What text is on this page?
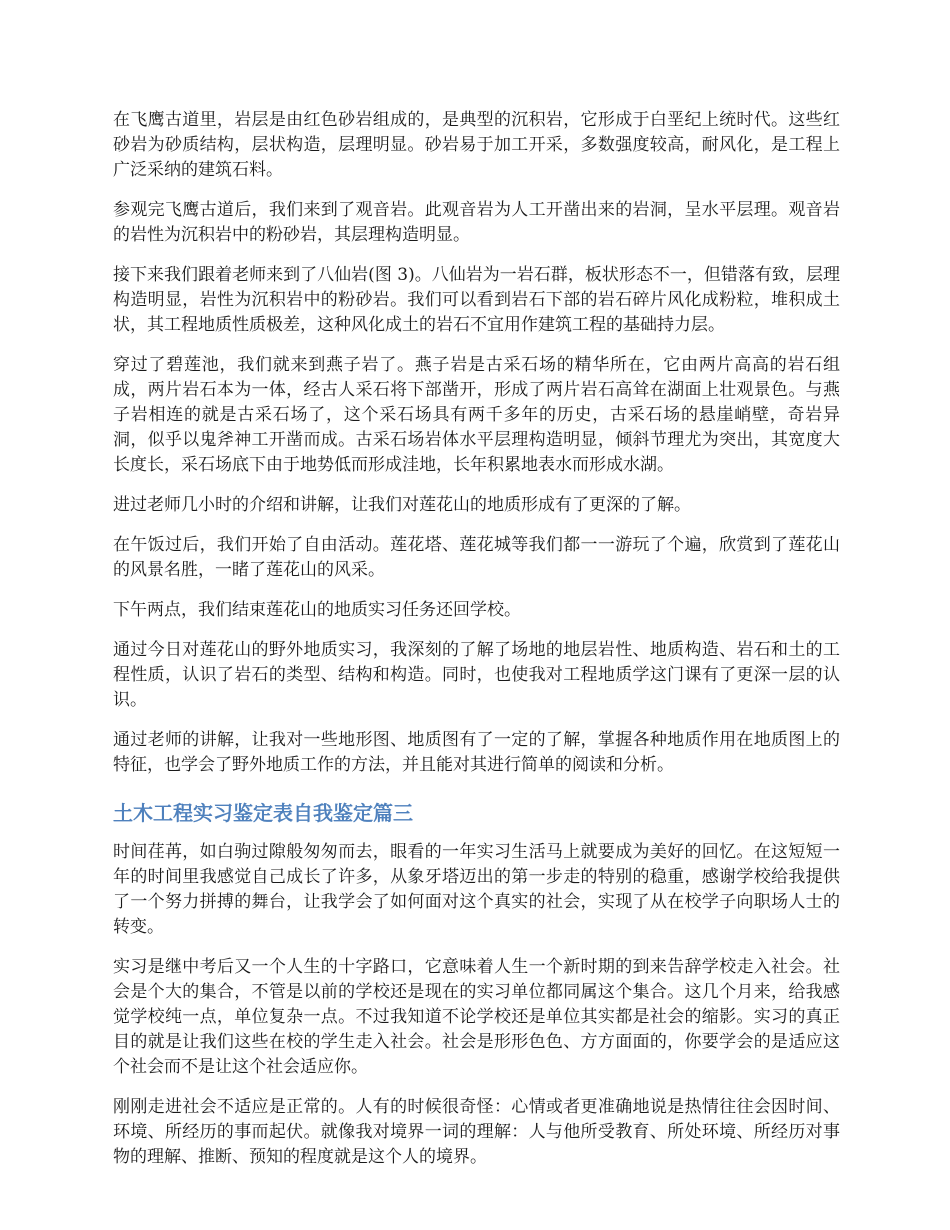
在飞鹰古道里，岩层是由红色砂岩组成的，是典型的沉积岩，它形成于白垩纪上统时代。这些红砂岩为砂质结构，层状构造，层理明显。砂岩易于加工开采，多数强度较高，耐风化，是工程上广泛采纳的建筑石料。

参观完飞鹰古道后，我们来到了观音岩。此观音岩为人工开凿出来的岩洞，呈水平层理。观音岩的岩性为沉积岩中的粉砂岩，其层理构造明显。

接下来我们跟着老师来到了八仙岩(图 3)。八仙岩为一岩石群，板状形态不一，但错落有致，层理构造明显，岩性为沉积岩中的粉砂岩。我们可以看到岩石下部的岩石碎片风化成粉粒，堆积成土状，其工程地质性质极差，这种风化成土的岩石不宜用作建筑工程的基础持力层。

穿过了碧莲池，我们就来到燕子岩了。燕子岩是古采石场的精华所在，它由两片高高的岩石组成，两片岩石本为一体，经古人采石将下部凿开，形成了两片岩石高耸在湖面上壮观景色。与燕子岩相连的就是古采石场了，这个采石场具有两千多年的历史，古采石场的悬崖峭壁，奇岩异洞，似乎以鬼斧神工开凿而成。古采石场岩体水平层理构造明显，倾斜节理尤为突出，其宽度大长度长，采石场底下由于地势低而形成洼地，长年积累地表水而形成水湖。

进过老师几小时的介绍和讲解，让我们对莲花山的地质形成有了更深的了解。

在午饭过后，我们开始了自由活动。莲花塔、莲花城等我们都一一游玩了个遍，欣赏到了莲花山的风景名胜，一睹了莲花山的风采。

下午两点，我们结束莲花山的地质实习任务还回学校。

通过今日对莲花山的野外地质实习，我深刻的了解了场地的地层岩性、地质构造、岩石和土的工程性质，认识了岩石的类型、结构和构造。同时，也使我对工程地质学这门课有了更深一层的认识。

通过老师的讲解，让我对一些地形图、地质图有了一定的了解，掌握各种地质作用在地质图上的特征，也学会了野外地质工作的方法，并且能对其进行简单的阅读和分析。

土木工程实习鉴定表自我鉴定篇三

时间荏苒，如白驹过隙般匆匆而去，眼看的一年实习生活马上就要成为美好的回忆。在这短短一年的时间里我感觉自己成长了许多，从象牙塔迈出的第一步走的特别的稳重，感谢学校给我提供了一个努力拼搏的舞台，让我学会了如何面对这个真实的社会，实现了从在校学子向职场人士的转变。

实习是继中考后又一个人生的十字路口，它意味着人生一个新时期的到来告辞学校走入社会。社会是个大的集合，不管是以前的学校还是现在的实习单位都同属这个集合。这几个月来，给我感觉学校纯一点，单位复杂一点。不过我知道不论学校还是单位其实都是社会的缩影。实习的真正目的就是让我们这些在校的学生走入社会。社会是形形色色、方方面面的，你要学会的是适应这个社会而不是让这个社会适应你。

刚刚走进社会不适应是正常的。人有的时候很奇怪：心情或者更准确地说是热情往往会因时间、环境、所经历的事而起伏。就像我对境界一词的理解：人与他所受教育、所处环境、所经历对事物的理解、推断、预知的程度就是这个人的境界。
